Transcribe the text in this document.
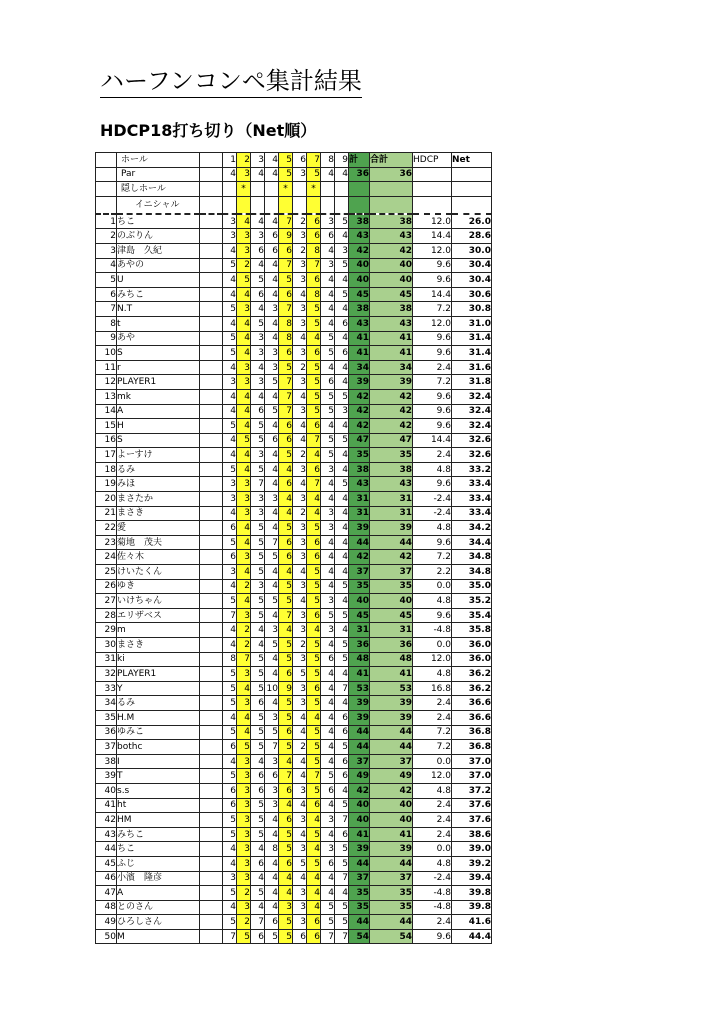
ハーフンコンペ集計結果
HDCP18打ち切り（Net順）
	ホール		1	2	3	4	5	6	7	8	9	計	合計	HDCP	Net
	Par		4	3	4	4	5	3	5	4	4	36	36		
	隠しホール			*			*		*						
	イニシャル														
1	ちこ		3	4	4	4	7	2	6	3	5	38	38	12.0	26.0
2	のぶりん		3	3	3	6	9	3	6	6	4	43	43	14.4	28.6
3	津島　久紀		4	3	6	6	6	2	8	4	3	42	42	12.0	30.0
4	あやの		5	2	4	4	7	3	7	3	5	40	40	9.6	30.4
5	U		4	5	5	4	5	3	6	4	4	40	40	9.6	30.4
6	みちこ		4	4	6	4	6	4	8	4	5	45	45	14.4	30.6
7	N.T		5	3	4	3	7	3	5	4	4	38	38	7.2	30.8
8	t		4	4	5	4	8	3	5	4	6	43	43	12.0	31.0
9	あや		5	4	3	4	8	4	4	5	4	41	41	9.6	31.4
10	S		5	4	3	3	6	3	6	5	6	41	41	9.6	31.4
11	r		4	3	4	3	5	2	5	4	4	34	34	2.4	31.6
12	PLAYER1		3	3	3	5	7	3	5	6	4	39	39	7.2	31.8
13	mk		4	4	4	4	7	4	5	5	5	42	42	9.6	32.4
14	A		4	4	6	5	7	3	5	5	3	42	42	9.6	32.4
15	H		5	4	5	4	6	4	6	4	4	42	42	9.6	32.4
16	S		4	5	5	6	6	4	7	5	5	47	47	14.4	32.6
17	よーすけ		4	4	3	4	5	2	4	5	4	35	35	2.4	32.6
18	るみ		5	4	5	4	4	3	6	3	4	38	38	4.8	33.2
19	みほ		3	3	7	4	6	4	7	4	5	43	43	9.6	33.4
20	まさたか		3	3	3	3	4	3	4	4	4	31	31	-2.4	33.4
21	まさき		4	3	3	4	4	2	4	3	4	31	31	-2.4	33.4
22	愛		6	4	5	4	5	3	5	3	4	39	39	4.8	34.2
23	菊地　茂夫		5	4	5	7	6	3	6	4	4	44	44	9.6	34.4
24	佐々木		6	3	5	5	6	3	6	4	4	42	42	7.2	34.8
25	けいたくん		3	4	5	4	4	4	5	4	4	37	37	2.2	34.8
26	ゆき		4	2	3	4	5	3	5	4	5	35	35	0.0	35.0
27	いけちゃん		5	4	5	5	5	4	5	3	4	40	40	4.8	35.2
28	エリザベス		7	3	5	4	7	3	6	5	5	45	45	9.6	35.4
29	m		4	2	4	3	4	3	4	3	4	31	31	-4.8	35.8
30	まさき		4	2	4	5	5	2	5	4	5	36	36	0.0	36.0
31	ki		8	7	5	4	5	3	5	6	5	48	48	12.0	36.0
32	PLAYER1		5	3	5	4	6	5	5	4	4	41	41	4.8	36.2
33	Y		5	4	5	10	9	3	6	4	7	53	53	16.8	36.2
34	るみ		5	3	6	4	5	3	5	4	4	39	39	2.4	36.6
35	H.M		4	4	5	3	5	4	4	4	6	39	39	2.4	36.6
36	ゆみこ		5	4	5	5	6	4	5	4	6	44	44	7.2	36.8
37	bothc		6	5	5	7	5	2	5	4	5	44	44	7.2	36.8
38	I		4	3	4	3	4	4	5	4	6	37	37	0.0	37.0
39	T		5	3	6	6	7	4	7	5	6	49	49	12.0	37.0
40	s.s		6	3	6	3	6	3	5	6	4	42	42	4.8	37.2
41	ht		6	3	5	3	4	4	6	4	5	40	40	2.4	37.6
42	HM		5	3	5	4	6	3	4	3	7	40	40	2.4	37.6
43	みちこ		5	3	5	4	5	4	5	4	6	41	41	2.4	38.6
44	ちこ		4	3	4	8	5	3	4	3	5	39	39	0.0	39.0
45	ふじ		4	3	6	4	6	5	5	6	5	44	44	4.8	39.2
46	小濱　隆彦		3	3	4	4	4	4	4	4	7	37	37	-2.4	39.4
47	A		5	2	5	4	4	3	4	4	4	35	35	-4.8	39.8
48	とのさん		4	3	4	4	3	3	4	5	5	35	35	-4.8	39.8
49	ひろしさん		5	2	7	6	5	3	6	5	5	44	44	2.4	41.6
50	M		7	5	6	5	5	6	6	7	7	54	54	9.6	44.4
